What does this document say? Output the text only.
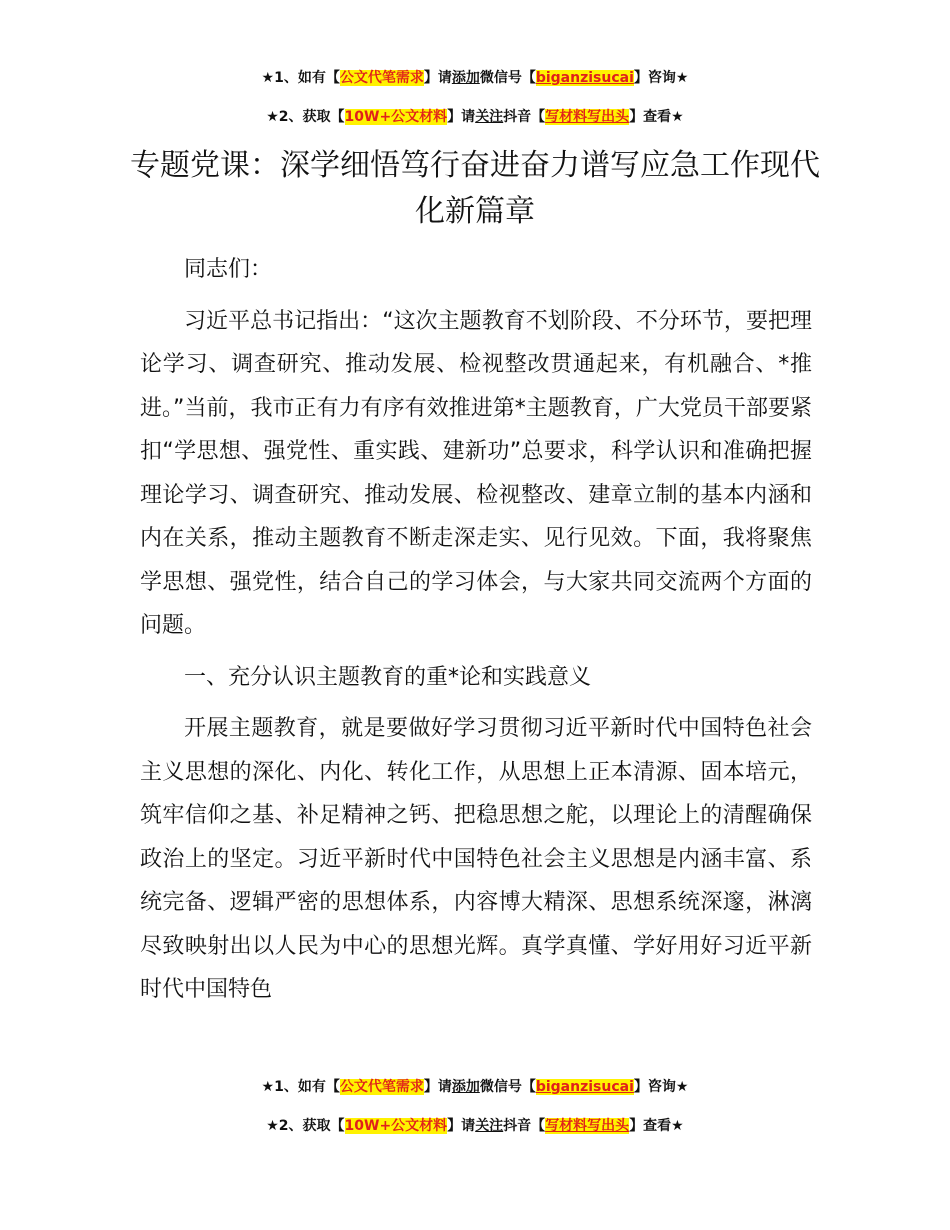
★1、如有【公文代笔需求】请添加微信号【biganzisucai】咨询★
★2、获取【10W+公文材料】请关注抖音【写材料写出头】查看★
专题党课：深学细悟笃行奋进奋力谱写应急工作现代化新篇章

同志们：

习近平总书记指出：“这次主题教育不划阶段、不分环节，要把理论学习、调查研究、推动发展、检视整改贯通起来，有机融合、*推进。”当前，我市正有力有序有效推进第*主题教育，广大党员干部要紧扣“学思想、强党性、重实践、建新功”总要求，科学认识和准确把握理论学习、调查研究、推动发展、检视整改、建章立制的基本内涵和内在关系，推动主题教育不断走深走实、见行见效。下面，我将聚焦学思想、强党性，结合自己的学习体会，与大家共同交流两个方面的问题。

一、充分认识主题教育的重*论和实践意义

开展主题教育，就是要做好学习贯彻习近平新时代中国特色社会主义思想的深化、内化、转化工作，从思想上正本清源、固本培元，筑牢信仰之基、补足精神之钙、把稳思想之舵，以理论上的清醒确保政治上的坚定。习近平新时代中国特色社会主义思想是内涵丰富、系统完备、逻辑严密的思想体系，内容博大精深、思想系统深邃，淋漓尽致映射出以人民为中心的思想光辉。真学真懂、学好用好习近平新时代中国特色

★1、如有【公文代笔需求】请添加微信号【biganzisucai】咨询★
★2、获取【10W+公文材料】请关注抖音【写材料写出头】查看★
